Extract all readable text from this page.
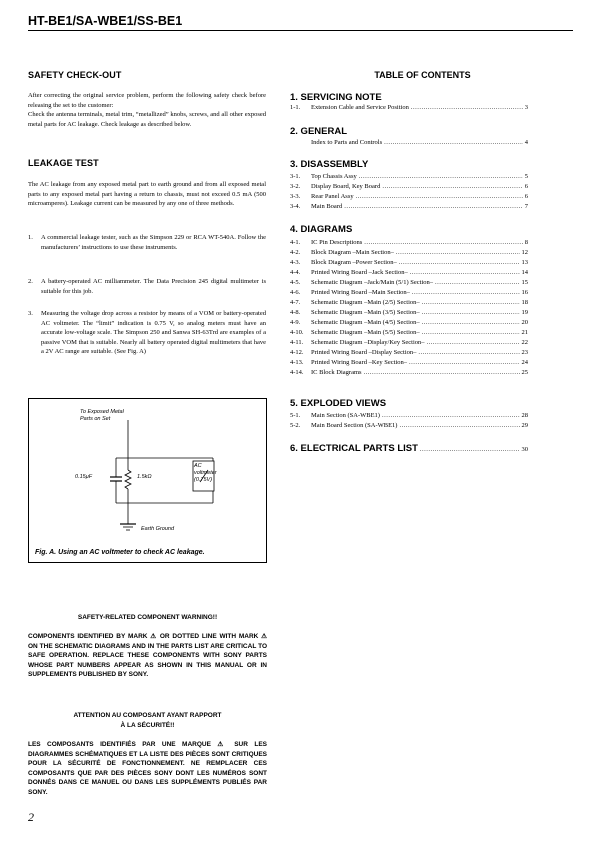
HT-BE1/SA-WBE1/SS-BE1
SAFETY CHECK-OUT

After correcting the original service problem, perform the following safety check before releasing the set to the customer:

Check the antenna terminals, metal trim, “metallized” knobs, screws, and all other exposed metal parts for AC leakage. Check leakage as described below.

LEAKAGE TEST
The AC leakage from any exposed metal part to earth ground and from all exposed metal parts to any exposed metal part having a return to chassis, must not exceed 0.5 mA (500 microamperes). Leakage current can be measured by any one of three methods.
1. A commercial leakage tester, such as the Simpson 229 or RCA WT-540A. Follow the manufacturers’ instructions to use these instruments.
2. A battery-operated AC milliammeter. The Data Precision 245 digital multimeter is suitable for this job.
3. Measuring the voltage drop across a resistor by means of a VOM or battery-operated AC voltmeter. The “limit” indication is 0.75 V, so analog meters must have an accurate low-voltage scale. The Simpson 250 and Sanwa SH-63Trd are examples of a passive VOM that is suitable. Nearly all battery operated digital multimeters that have a 2V AC range are suitable. (See Fig. A)
To Exposed Metal
Parts on Set
0.15μF	1.5kΩ
AC
voltmeter
(0.75V)
Earth Ground
Fig. A. Using an AC voltmeter to check AC leakage.
SAFETY-RELATED COMPONENT WARNING!!
COMPONENTS IDENTIFIED BY MARK ⚠ OR DOTTED LINE WITH MARK ⚠ ON THE SCHEMATIC DIAGRAMS AND IN THE PARTS LIST ARE CRITICAL TO SAFE OPERATION. REPLACE THESE COMPONENTS WITH SONY PARTS WHOSE PART NUMBERS APPEAR AS SHOWN IN THIS MANUAL OR IN SUPPLEMENTS PUBLISHED BY SONY.
ATTENTION AU COMPOSANT AYANT RAPPORT
À LA SÉCURITÉ!!
LES COMPOSANTS IDENTIFIÉS PAR UNE MARQUE ⚠ SUR LES DIAGRAMMES SCHÉMATIQUES ET LA LISTE DES PIÈCES SONT CRITIQUES POUR LA SÉCURITÉ DE FONCTIONNEMENT. NE REMPLACER CES COMPOSANTS QUE PAR DES PIÈCES SONY DONT LES NUMÉROS SONT DONNÉS DANS CE MANUEL OU DANS LES SUPPLÉMENTS PUBLIÉS PAR SONY.
TABLE OF CONTENTS
1. SERVICING NOTE
1-1.	Extension Cable and Service Position .....	3
2. GENERAL
Index to Parts and Controls .....	4
3. DISASSEMBLY
3-1.	Top Chassis Assy .....	5
3-2.	Display Board, Key Board .....	6
3-3.	Rear Panel Assy .....	6
3-4.	Main Board .....	7
4. DIAGRAMS
4-1.	IC Pin Descriptions .....	8
4-2.	Block Diagram –Main Section– .....	12
4-3.	Block Diagram –Power Section– .....	13
4-4.	Printed Wiring Board –Jack Section– .....	14
4-5.	Schematic Diagram –Jack/Main (5/1) Section– .....	15
4-6.	Printed Wiring Board –Main Section– .....	16
4-7.	Schematic Diagram –Main (2/5) Section– .....	18
4-8.	Schematic Diagram –Main (3/5) Section– .....	19
4-9.	Schematic Diagram –Main (4/5) Section– .....	20
4-10.	Schematic Diagram –Main (5/5) Section– .....	21
4-11.	Schematic Diagram –Display/Key Section– .....	22
4-12.	Printed Wiring Board –Display Section– .....	23
4-13.	Printed Wiring Board –Key Section– .....	24
4-14.	IC Block Diagrams .....	25
5. EXPLODED VIEWS
5-1.	Main Section (SA-WBE1) .....	28
5-2.	Main Board Section (SA-WBE1) .....	29
6. ELECTRICAL PARTS LIST .....	30
2
